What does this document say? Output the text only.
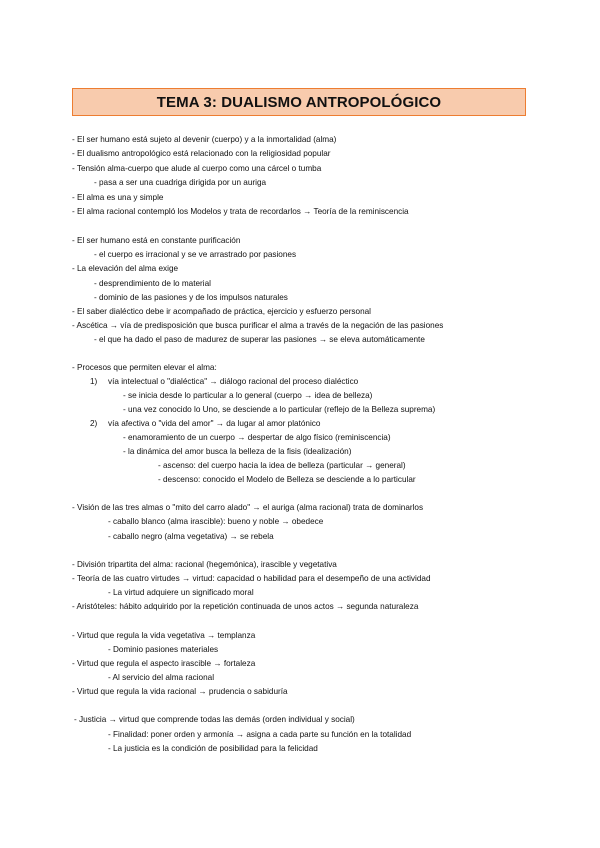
TEMA 3: DUALISMO ANTROPOLÓGICO
- El ser humano está sujeto al devenir (cuerpo) y a la inmortalidad (alma)
- El dualismo antropológico está relacionado con la religiosidad popular
- Tensión alma-cuerpo que alude al cuerpo como una cárcel o tumba
- pasa a ser una cuadriga dirigida por un auriga
- El alma es una y simple
- El alma racional contempló los Modelos y trata de recordarlos → Teoría de la reminiscencia
- El ser humano está en constante purificación
- el cuerpo es irracional y se ve arrastrado por pasiones
- La elevación del alma exige
- desprendimiento de lo material
- dominio de las pasiones y de los impulsos naturales
- El saber dialéctico debe ir acompañado de práctica, ejercicio y esfuerzo personal
- Ascética → vía de predisposición que busca purificar el alma a través de la negación de las pasiones
- el que ha dado el paso de madurez de superar las pasiones → se eleva automáticamente
- Procesos que permiten elevar el alma:
1) vía intelectual o "dialéctica" → diálogo racional del proceso dialéctico
- se inicia desde lo particular a lo general (cuerpo → idea de belleza)
- una vez conocido lo Uno, se desciende a lo particular (reflejo de la Belleza suprema)
2) vía afectiva o "vida del amor" → da lugar al amor platónico
- enamoramiento de un cuerpo → despertar de algo físico (reminiscencia)
- la dinámica del amor busca la belleza de la fisis (idealización)
- ascenso: del cuerpo hacia la idea de belleza (particular → general)
- descenso: conocido el Modelo de Belleza se desciende a lo particular
- Visión de las tres almas o "mito del carro alado" → el auriga (alma racional) trata de dominarlos
- caballo blanco (alma irascible): bueno y noble → obedece
- caballo negro (alma vegetativa) → se rebela
- División tripartita del alma: racional (hegemónica), irascible y vegetativa
- Teoría de las cuatro virtudes → virtud: capacidad o habilidad para el desempeño de una actividad
- La virtud adquiere un significado moral
- Aristóteles: hábito adquirido por la repetición continuada de unos actos → segunda naturaleza
- Virtud que regula la vida vegetativa → templanza
- Dominio pasiones materiales
- Virtud que regula el aspecto irascible → fortaleza
- Al servicio del alma racional
- Virtud que regula la vida racional → prudencia o sabiduría
- Justicia → virtud que comprende todas las demás (orden individual y social)
- Finalidad: poner orden y armonía → asigna a cada parte su función en la totalidad
- La justicia es la condición de posibilidad para la felicidad
